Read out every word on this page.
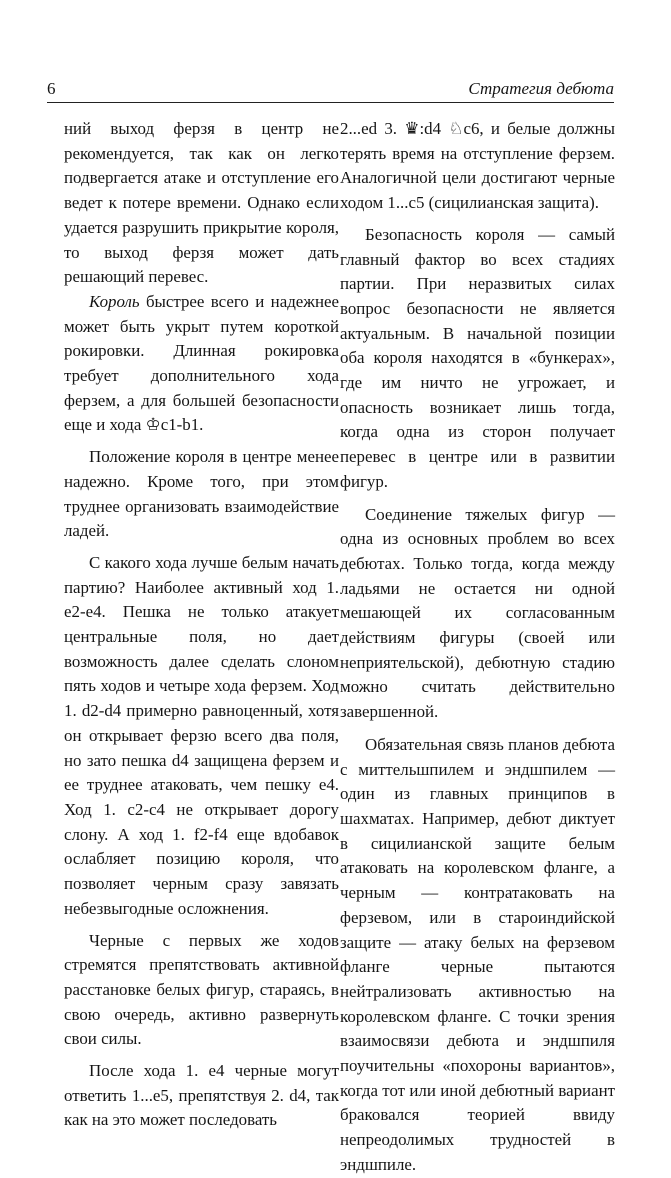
6	Стратегия дебюта

ний выход ферзя в центр не рекомендуется, так как он легко подвергается атаке и отступление его ведет к потере времени. Однако если удается разрушить прикрытие короля, то выход ферзя может дать решающий перевес.

Король быстрее всего и надежнее может быть укрыт путем короткой рокировки. Длинная рокировка требует дополнительного хода ферзем, а для большей безопасности еще и хода ♔c1-b1.

Положение короля в центре менее надежно. Кроме того, при этом труднее организовать взаимодействие ладей.

С какого хода лучше белым начать партию? Наиболее активный ход 1. e2-e4. Пешка не только атакует центральные поля, но дает возможность далее сделать слоном пять ходов и четыре хода ферзем. Ход 1. d2-d4 примерно равноценный, хотя он открывает ферзю всего два поля, но зато пешка d4 защищена ферзем и ее труднее атаковать, чем пешку e4. Ход 1. c2-c4 не открывает дорогу слону. А ход 1. f2-f4 еще вдобавок ослабляет позицию короля, что позволяет черным сразу завязать небезвыгодные осложнения.

Черные с первых же ходов стремятся препятствовать активной расстановке белых фигур, стараясь, в свою очередь, активно развернуть свои силы.

После хода 1. e4 черные могут ответить 1...e5, препятствуя 2. d4, так как на это может последовать

2...ed 3. ♛:d4 ♘c6, и белые должны терять время на отступление ферзем. Аналогичной цели достигают черные ходом 1...c5 (сицилианская защита).

Безопасность короля — самый главный фактор во всех стадиях партии. При неразвитых силах вопрос безопасности не является актуальным. В начальной позиции оба короля находятся в «бункерах», где им ничто не угрожает, и опасность возникает лишь тогда, когда одна из сторон получает перевес в центре или в развитии фигур.

Соединение тяжелых фигур — одна из основных проблем во всех дебютах. Только тогда, когда между ладьями не остается ни одной мешающей их согласованным действиям фигуры (своей или неприятельской), дебютную стадию можно считать действительно завершенной.

Обязательная связь планов дебюта с миттельшпилем и эндшпилем — один из главных принципов в шахматах. Например, дебют диктует в сицилианской защите белым атаковать на королевском фланге, а черным — контратаковать на ферзевом, или в староиндийской защите — атаку белых на ферзевом фланге черные пытаются нейтрализовать активностью на королевском фланге. С точки зрения взаимосвязи дебюта и эндшпиля поучительны «похороны вариантов», когда тот или иной дебютный вариант браковался теорией ввиду непреодолимых трудностей в эндшпиле.
